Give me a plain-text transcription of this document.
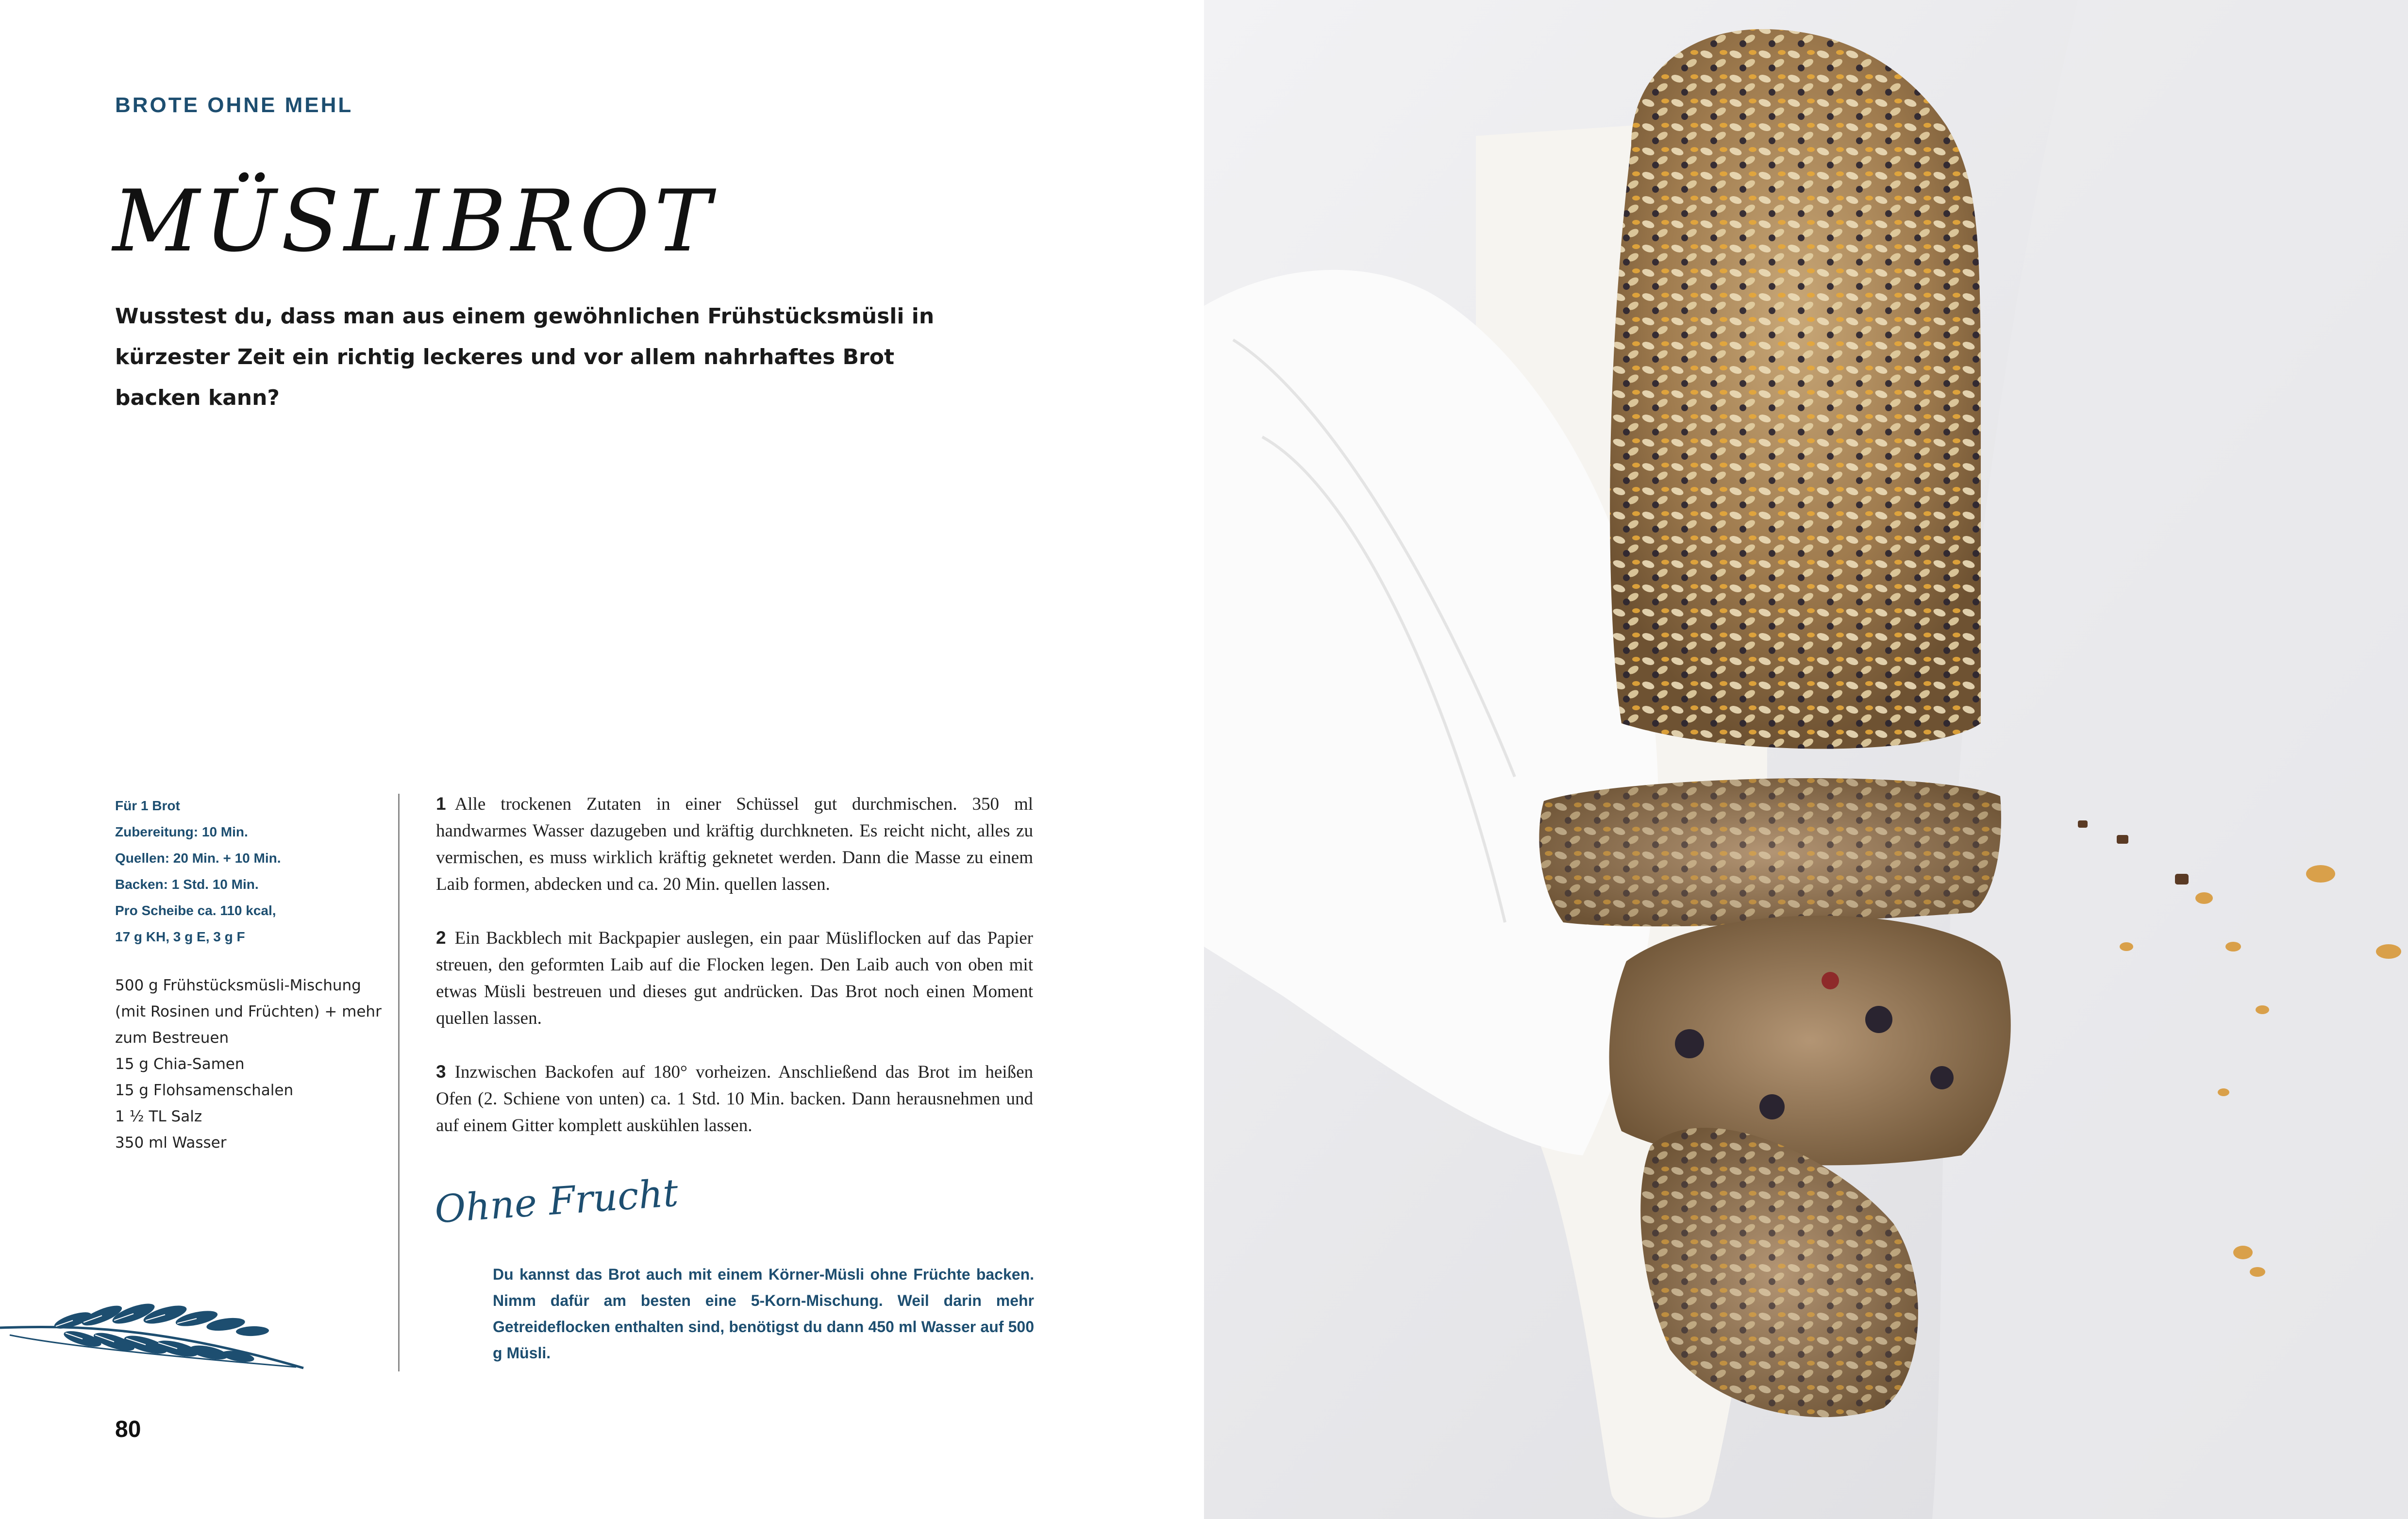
BROTE OHNE MEHL
MÜSLIBROT
Wusstest du, dass man aus einem gewöhnlichen Frühstücksmüsli in kürzester Zeit ein richtig leckeres und vor allem nahrhaftes Brot backen kann?
Für 1 Brot
Zubereitung: 10 Min.
Quellen: 20 Min. + 10 Min.
Backen: 1 Std. 10 Min.
Pro Scheibe ca. 110 kcal,
17 g KH, 3 g E, 3 g F
500 g Frühstücksmüsli-Mischung
(mit Rosinen und Früchten) + mehr
zum Bestreuen
15 g Chia-Samen
15 g Flohsamenschalen
1 ½ TL Salz
350 ml Wasser
1 Alle trockenen Zutaten in einer Schüssel gut durchmischen. 350 ml handwarmes Wasser dazugeben und kräftig durchkneten. Es reicht nicht, alles zu vermischen, es muss wirklich kräftig geknetet werden. Dann die Masse zu einem Laib formen, abdecken und ca. 20 Min. quellen lassen.
2 Ein Backblech mit Backpapier auslegen, ein paar Müsliflocken auf das Papier streuen, den geformten Laib auf die Flocken legen. Den Laib auch von oben mit etwas Müsli bestreuen und dieses gut andrücken. Das Brot noch einen Moment quellen lassen.
3 Inzwischen Backofen auf 180° vorheizen. Anschließend das Brot im heißen Ofen (2. Schiene von unten) ca. 1 Std. 10 Min. backen. Dann herausnehmen und auf einem Gitter komplett auskühlen lassen.
Ohne Frucht
Du kannst das Brot auch mit einem Körner-Müsli ohne Früchte backen. Nimm dafür am besten eine 5-Korn-Mischung. Weil darin mehr Getreideflocken enthalten sind, benötigst du dann 450 ml Wasser auf 500 g Müsli.
80
